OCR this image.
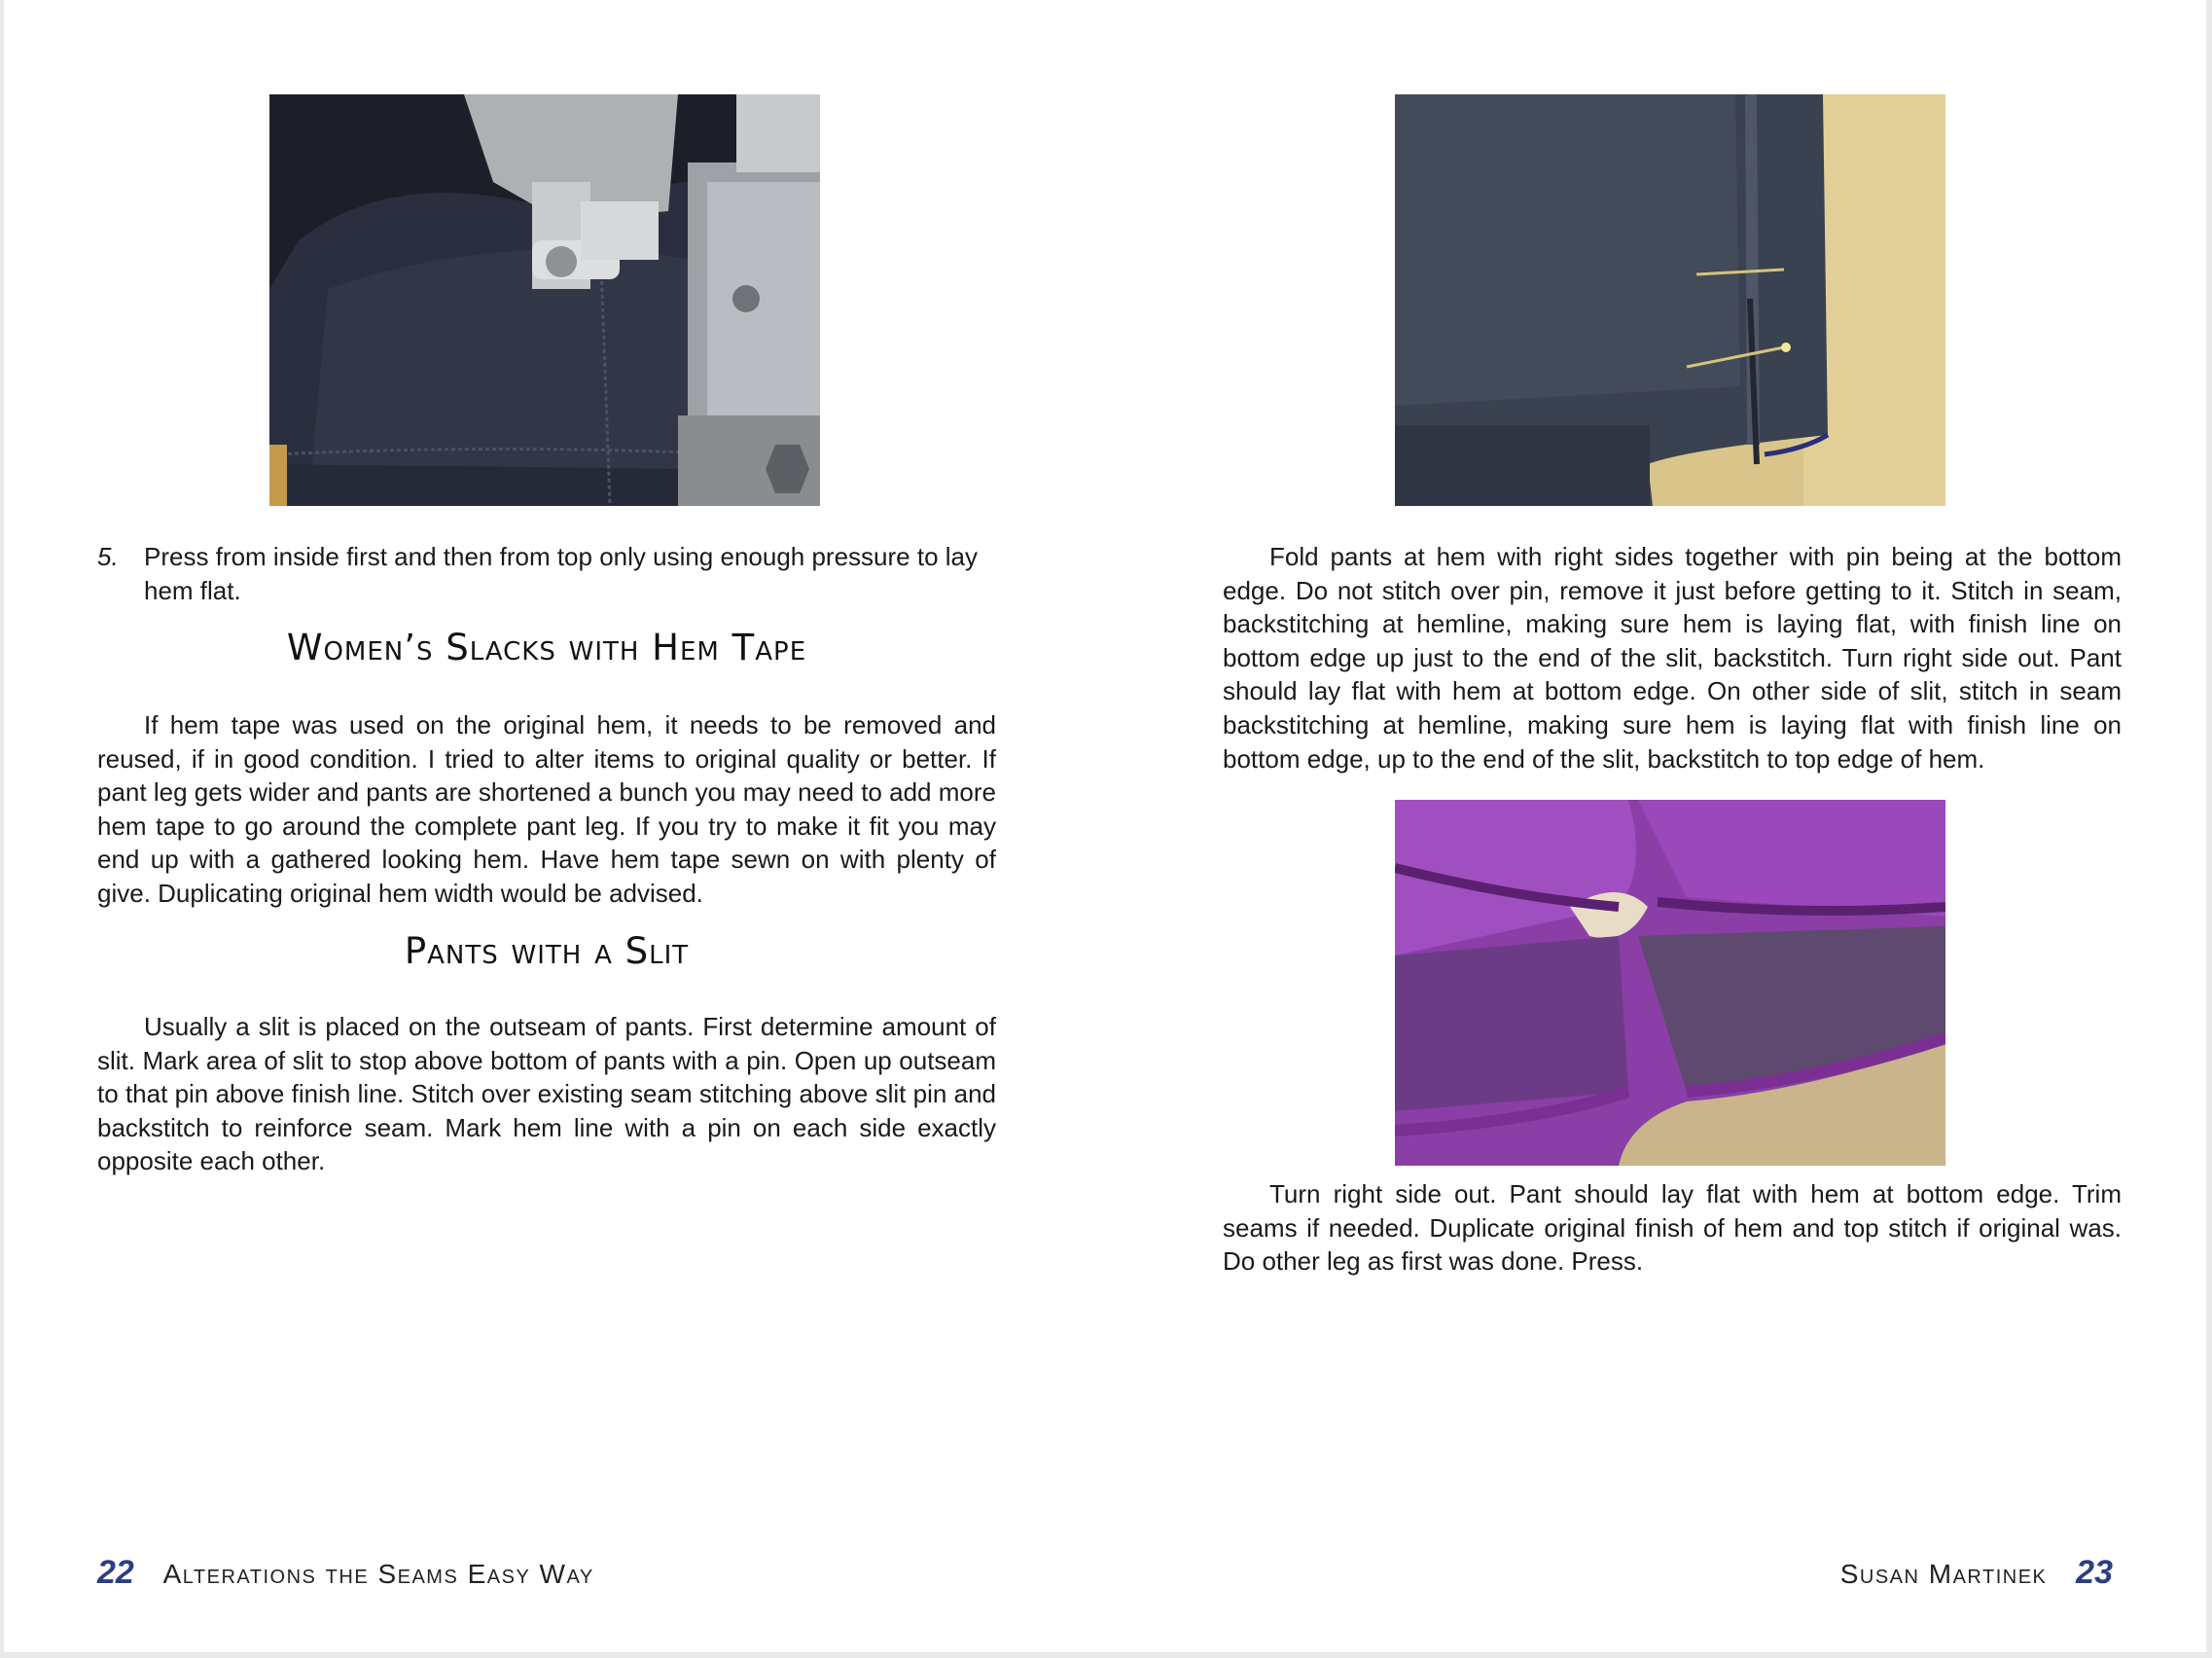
5.	Press from inside first and then from top only using enough pressure to lay hem flat.
Women’s Slacks with Hem Tape

If hem tape was used on the original hem, it needs to be removed and reused, if in good condition. I tried to alter items to original quality or better. If pant leg gets wider and pants are shortened a bunch you may need to add more hem tape to go around the complete pant leg. If you try to make it fit you may end up with a gathered looking hem. Have hem tape sewn on with plenty of give. Duplicating original hem width would be advised.

Pants with a Slit

Usually a slit is placed on the outseam of pants. First determine amount of slit. Mark area of slit to stop above bottom of pants with a pin. Open up outseam to that pin above finish line. Stitch over existing seam stitching above slit pin and backstitch to reinforce seam. Mark hem line with a pin on each side exactly opposite each other.

22 Alterations the Seams Easy Way

Fold pants at hem with right sides together with pin being at the bottom edge. Do not stitch over pin, remove it just before getting to it. Stitch in seam, backstitching at hemline, making sure hem is laying flat, with finish line on bottom edge up just to the end of the slit, backstitch. Turn right side out. Pant should lay flat with hem at bottom edge. On other side of slit, stitch in seam backstitching at hemline, making sure hem is laying flat with finish line on bottom edge, up to the end of the slit, backstitch to top edge of hem.

Turn right side out. Pant should lay flat with hem at bottom edge. Trim seams if needed. Duplicate original finish of hem and top stitch if original was. Do other leg as first was done. Press.

Susan Martinek 23
